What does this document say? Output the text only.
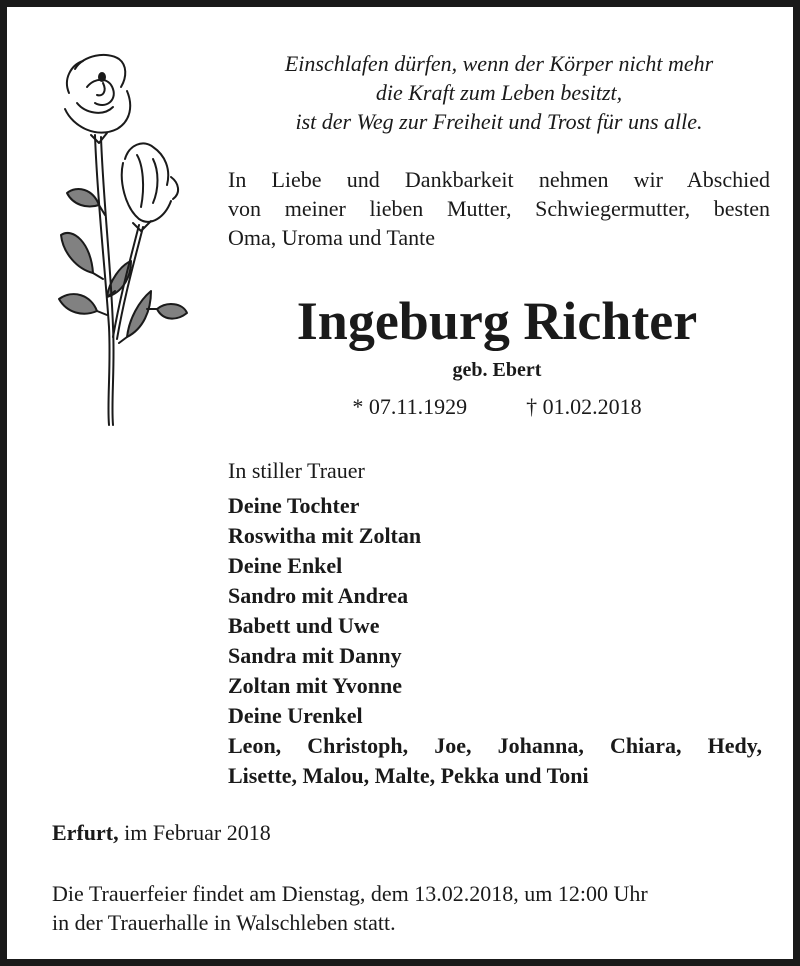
Einschlafen dürfen, wenn der Körper nicht mehr
die Kraft zum Leben besitzt,
ist der Weg zur Freiheit und Trost für uns alle.
In Liebe und Dankbarkeit nehmen wir Abschied
von meiner lieben Mutter, Schwiegermutter, besten
Oma, Uroma und Tante
Ingeburg Richter
geb. Ebert
* 07.11.1929	† 01.02.2018
In stiller Trauer
Deine Tochter
Roswitha mit Zoltan
Deine Enkel
Sandro mit Andrea
Babett und Uwe
Sandra mit Danny
Zoltan mit Yvonne
Deine Urenkel
Leon, Christoph, Joe, Johanna, Chiara, Hedy,
Lisette, Malou, Malte, Pekka und Toni
Erfurt, im Februar 2018
Die Trauerfeier findet am Dienstag, dem 13.02.2018, um 12:00 Uhr
in der Trauerhalle in Walschleben statt.
